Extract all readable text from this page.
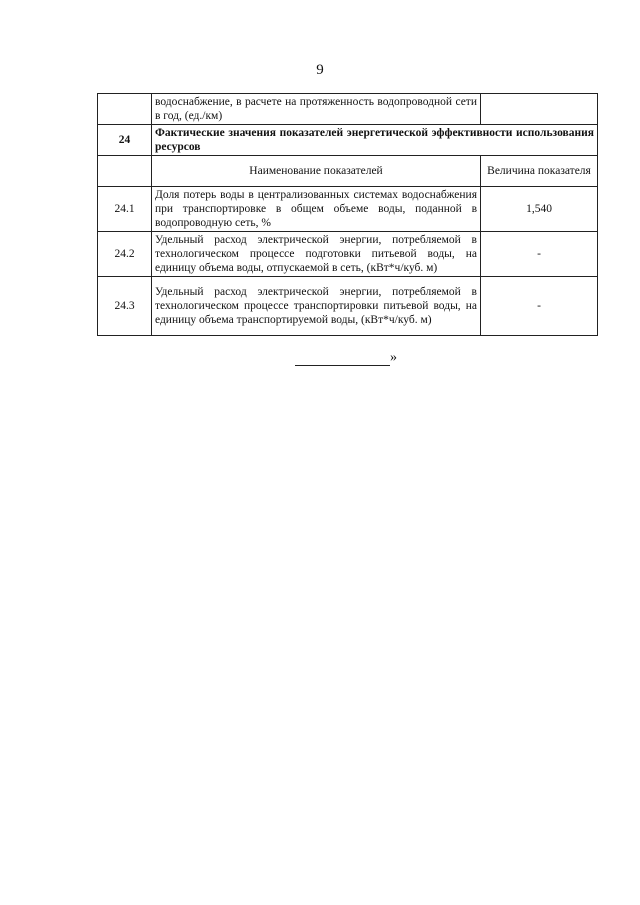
9
	водоснабжение, в расчете на протяженность водопроводной сети в год, (ед./км)	
24	Фактические значения показателей энергетической эффективности использования ресурсов	
	Наименование показателей	Величина показателя
24.1	Доля потерь воды в централизованных системах водоснабжения при транспортировке в общем объеме воды, поданной в водопроводную сеть, %	1,540
24.2	Удельный расход электрической энергии, потребляемой в технологическом процессе подготовки питьевой воды, на единицу объема воды, отпускаемой в сеть, (кВт*ч/куб. м)	-
24.3	Удельный расход электрической энергии, потребляемой в технологическом процессе транспортировки питьевой воды, на единицу объема транспортируемой воды, (кВт*ч/куб. м)	-
»
